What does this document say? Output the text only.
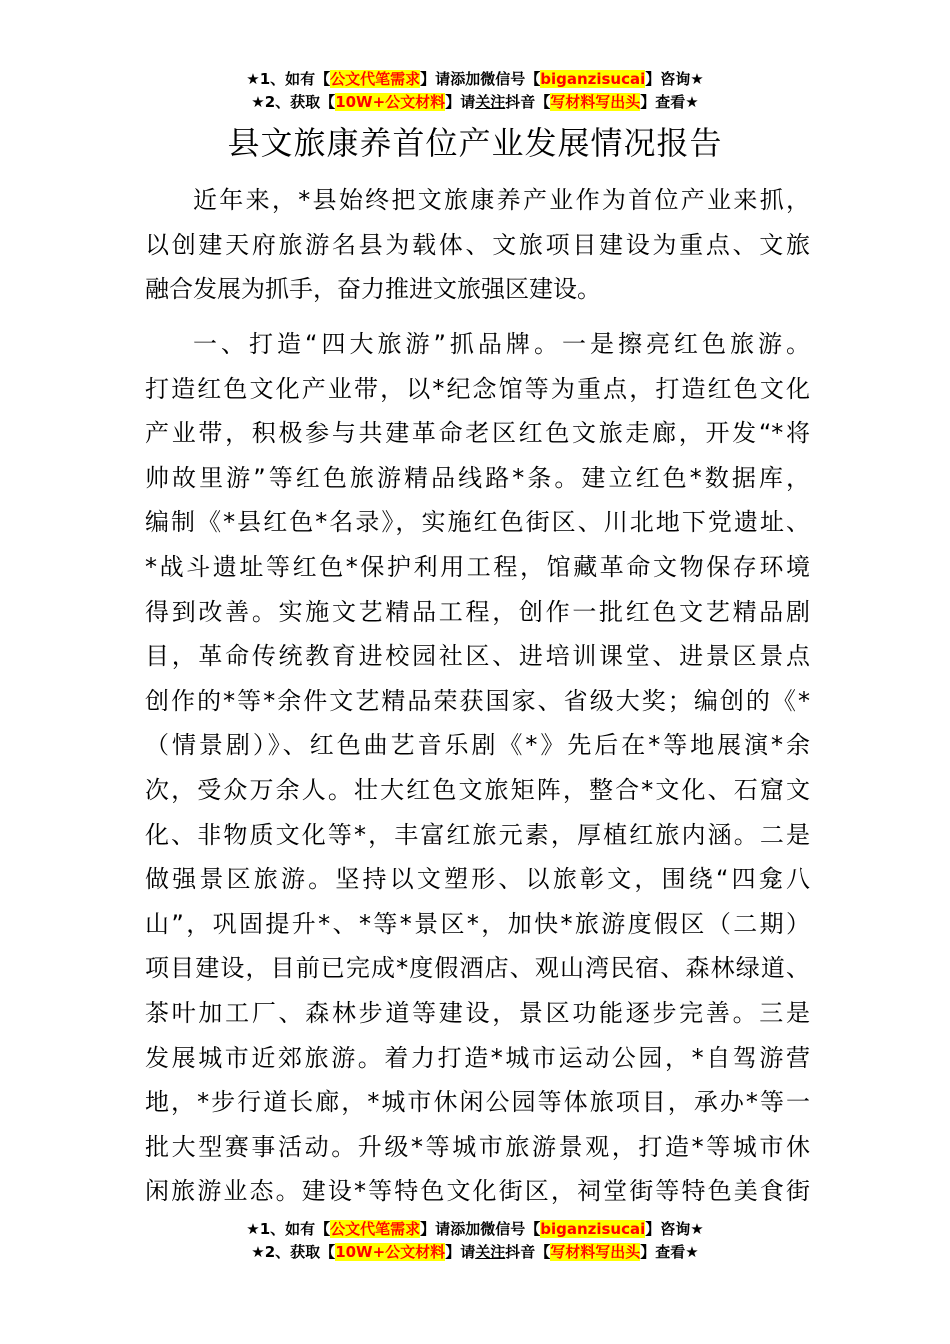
★1、如有【公文代笔需求】请添加微信号【biganzisucai】咨询★
★2、获取【10W+公文材料】请关注抖音【写材料写出头】查看★
县文旅康养首位产业发展情况报告
近年来，*县始终把文旅康养产业作为首位产业来抓，
以创建天府旅游名县为载体、文旅项目建设为重点、文旅
融合发展为抓手，奋力推进文旅强区建设。
一、打造“四大旅游”抓品牌。一是擦亮红色旅游。
打造红色文化产业带，以*纪念馆等为重点，打造红色文化
产业带，积极参与共建革命老区红色文旅走廊，开发“*将
帅故里游”等红色旅游精品线路*条。建立红色*数据库，
编制《*县红色*名录》，实施红色街区、川北地下党遗址、
*战斗遗址等红色*保护利用工程，馆藏革命文物保存环境
得到改善。实施文艺精品工程，创作一批红色文艺精品剧
目，革命传统教育进校园社区、进培训课堂、进景区景点
创作的*等*余件文艺精品荣获国家、省级大奖；编创的《*
（情景剧）》、红色曲艺音乐剧《*》先后在*等地展演*余
次，受众万余人。壮大红色文旅矩阵，整合*文化、石窟文
化、非物质文化等*，丰富红旅元素，厚植红旅内涵。二是
做强景区旅游。坚持以文塑形、以旅彰文，围绕“四龛八
山”，巩固提升*、*等*景区*，加快*旅游度假区（二期）
项目建设，目前已完成*度假酒店、观山湾民宿、森林绿道、
茶叶加工厂、森林步道等建设，景区功能逐步完善。三是
发展城市近郊旅游。着力打造*城市运动公园，*自驾游营
地，*步行道长廊，*城市休闲公园等体旅项目，承办*等一
批大型赛事活动。升级*等城市旅游景观，打造*等城市休
闲旅游业态。建设*等特色文化街区，祠堂街等特色美食街
★1、如有【公文代笔需求】请添加微信号【biganzisucai】咨询★
★2、获取【10W+公文材料】请关注抖音【写材料写出头】查看★
